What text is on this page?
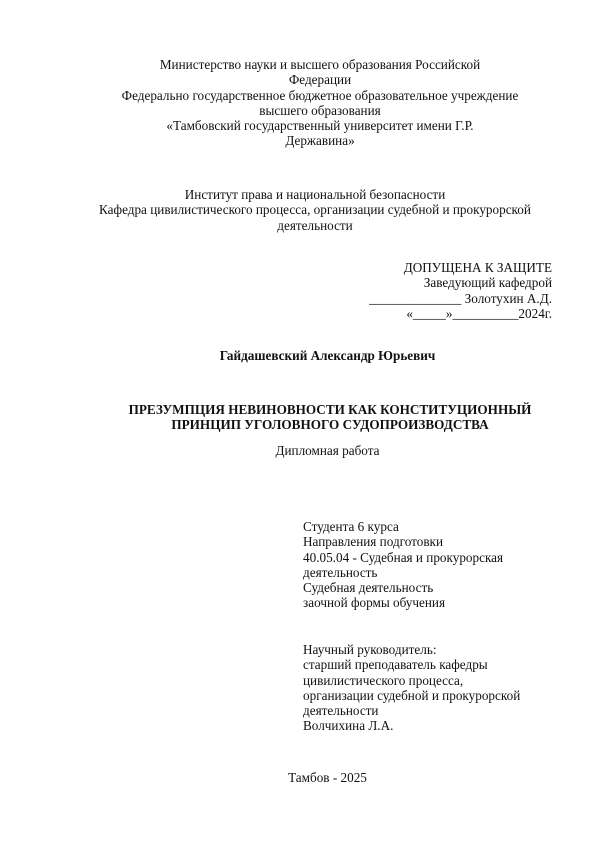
Министерство науки и высшего образования Российской
Федерации
Федерально государственное бюджетное образовательное учреждение
высшего образования
«Тамбовский государственный университет имени Г.Р.
Державина»
Институт права и национальной безопасности
Кафедра цивилистического процесса, организации судебной и прокурорской
деятельности
ДОПУЩЕНА К ЗАЩИТЕ
Заведующий кафедрой
______________ Золотухин А.Д.
«_____»__________2024г.
Гайдашевский Александр Юрьевич
ПРЕЗУМПЦИЯ НЕВИНОВНОСТИ КАК КОНСТИТУЦИОННЫЙ
ПРИНЦИП УГОЛОВНОГО СУДОПРОИЗВОДСТВА
Дипломная работа
Студента 6 курса
Направления подготовки
40.05.04 - Судебная и прокурорская
деятельность
Судебная деятельность
заочной формы обучения
Научный руководитель:
старший преподаватель кафедры
цивилистического процесса,
организации судебной и прокурорской
деятельности
Волчихина Л.А.
Тамбов - 2025
